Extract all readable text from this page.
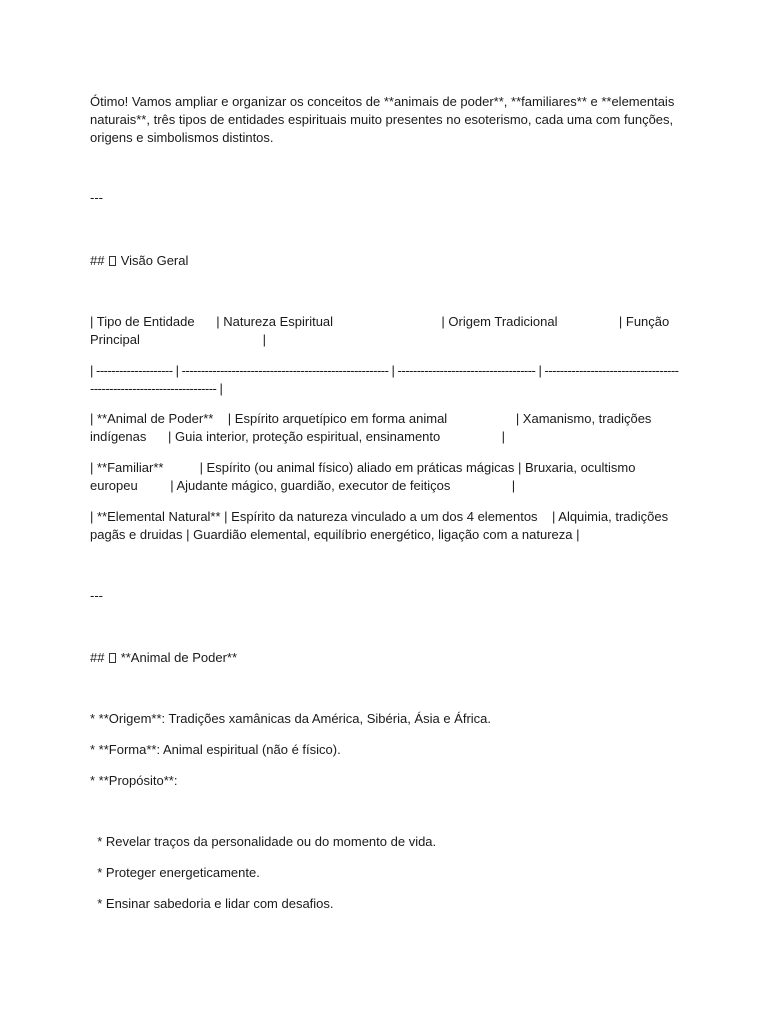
Ótimo! Vamos ampliar e organizar os conceitos de **animais de poder**, **familiares** e **elementais naturais**, três tipos de entidades espirituais muito presentes no esoterismo, cada uma com funções, origens e simbolismos distintos.

---

##  Visão Geral

| Tipo de Entidade      | Natureza Espiritual                              | Origem Tradicional                 | Função Principal                                  |

| -------------------- | ------------------------------------------------------ | ------------------------------------ | -------------------------------------------------------------------- |

| **Animal de Poder**    | Espírito arquetípico em forma animal                   | Xamanismo, tradições indígenas      | Guia interior, proteção espiritual, ensinamento                 |

| **Familiar**          | Espírito (ou animal físico) aliado em práticas mágicas | Bruxaria, ocultismo europeu         | Ajudante mágico, guardião, executor de feitiços                 |

| **Elemental Natural** | Espírito da natureza vinculado a um dos 4 elementos    | Alquimia, tradições pagãs e druidas | Guardião elemental, equilíbrio energético, ligação com a natureza |

---

##  **Animal de Poder**

* **Origem**: Tradições xamânicas da América, Sibéria, Ásia e África.

* **Forma**: Animal espiritual (não é físico).

* **Propósito**:

* Revelar traços da personalidade ou do momento de vida.

* Proteger energeticamente.

* Ensinar sabedoria e lidar com desafios.
